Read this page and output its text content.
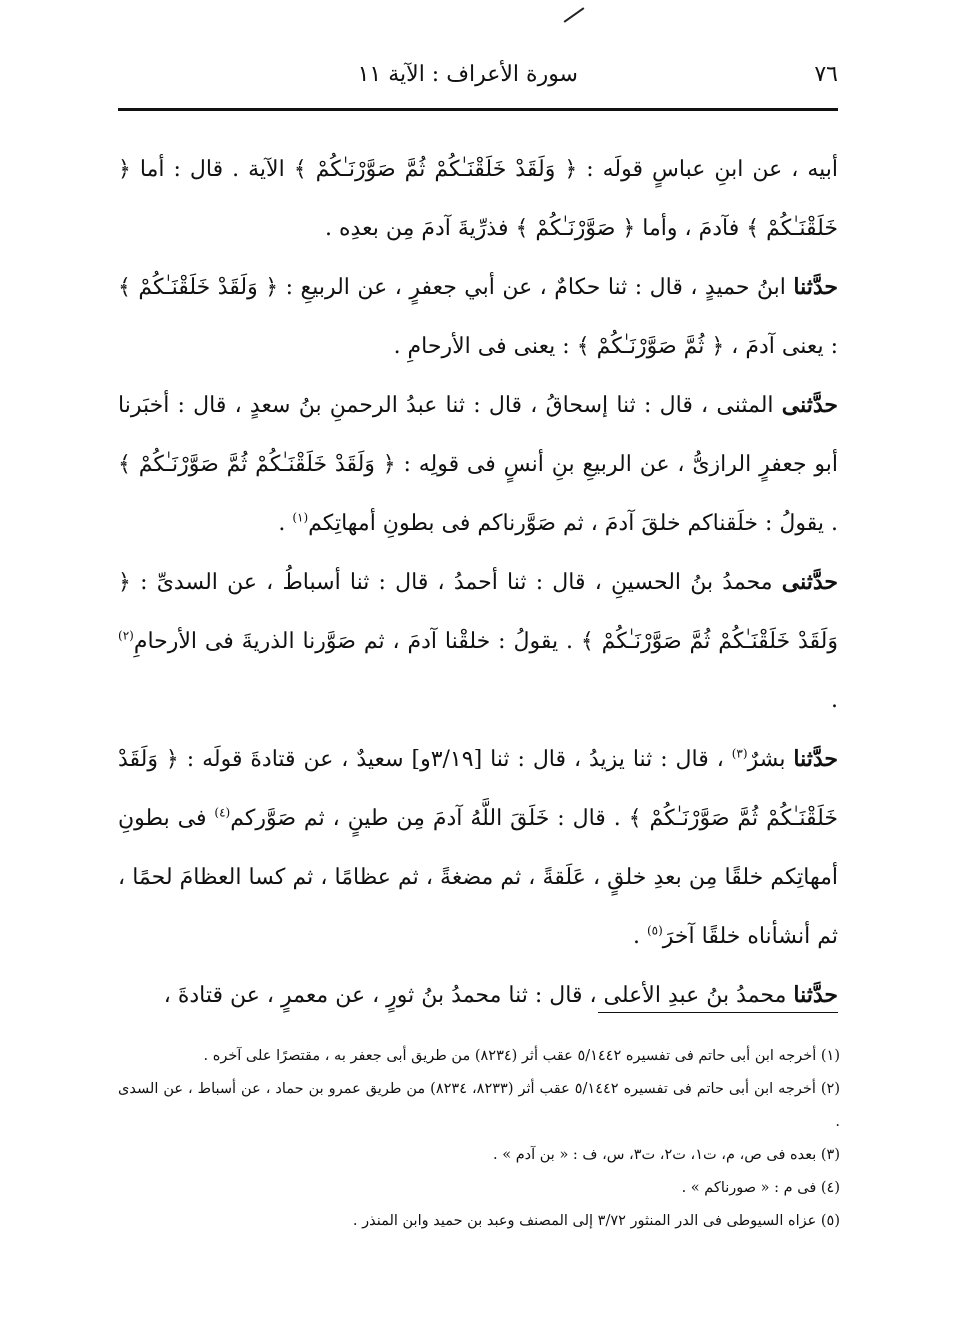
٧٦
سورة الأعراف : الآية ١١

أبيه ، عن ابنِ عباسٍ قولَه : ﴿ وَلَقَدْ خَلَقْنَـٰكُمْ ثُمَّ صَوَّرْنَـٰكُمْ ﴾ الآية . قال : أما ﴿ خَلَقْنَـٰكُمْ ﴾ فآدمَ ، وأما ﴿ صَوَّرْنَـٰكُمْ ﴾ فذرِّيةَ آدمَ مِن بعدِه .

حدَّثنا ابنُ حميدٍ ، قال : ثنا حكامٌ ، عن أبي جعفرٍ ، عن الربيعِ : ﴿ وَلَقَدْ خَلَقْنَـٰكُمْ ﴾ : يعنى آدمَ ، ﴿ ثُمَّ صَوَّرْنَـٰكُمْ ﴾ : يعنى فى الأرحامِ .

حدَّثنى المثنى ، قال : ثنا إسحاقُ ، قال : ثنا عبدُ الرحمنِ بنُ سعدٍ ، قال : أخبَرنا أبو جعفرٍ الرازىُّ ، عن الربيعِ بنِ أنسٍ فى قولِه : ﴿ وَلَقَدْ خَلَقْنَـٰكُمْ ثُمَّ صَوَّرْنَـٰكُمْ ﴾ . يقولُ : خلَقناكم خلقَ آدمَ ، ثم صَوَّرناكم فى بطونِ أمهاتِكم$^{(١)}$ .

حدَّثنى محمدُ بنُ الحسينِ ، قال : ثنا أحمدُ ، قال : ثنا أسباطُ ، عن السدىِّ : ﴿ وَلَقَدْ خَلَقْنَـٰكُمْ ثُمَّ صَوَّرْنَـٰكُمْ ﴾ . يقولُ : خلقْنا آدمَ ، ثم صَوَّرنا الذريةَ فى الأرحامِ$^{(٢)}$ .

حدَّثنا بشرٌ$^{(٣)}$ ، قال : ثنا يزيدُ ، قال : ثنا [٣/١٩و] سعيدٌ ، عن قتادةَ قولَه : ﴿ وَلَقَدْ خَلَقْنَـٰكُمْ ثُمَّ صَوَّرْنَـٰكُمْ ﴾ . قال : خَلَقَ اللَّهُ آدمَ مِن طينٍ ، ثم صَوَّركم$^{(٤)}$ فى بطونِ أمهاتِكم خلقًا مِن بعدِ خلقٍ ، عَلَقةً ، ثم مضغةً ، ثم عظامًا ، ثم كسا العظامَ لحمًا ، ثم أنشأناه خلقًا آخرَ$^{(٥)}$ .

حدَّثنا محمدُ بنُ عبدِ الأعلى ، قال : ثنا محمدُ بنُ ثورٍ ، عن معمرٍ ، عن قتادةَ ،

(١) أخرجه ابن أبى حاتم فى تفسيره ٥/١٤٤٢ عقب أثر (٨٢٣٤) من طريق أبى جعفر به ، مقتصرًا على آخره .

(٢) أخرجه ابن أبى حاتم فى تفسيره ٥/١٤٤٢ عقب أثر (٨٢٣٣، ٨٢٣٤) من طريق عمرو بن حماد ، عن أسباط ، عن السدى .

(٣) بعده فى ص، م، ت١، ت٢، ت٣، س، ف : « بن آدم » .

(٤) فى م : « صورناكم » .

(٥) عزاه السيوطى فى الدر المنثور ٣/٧٢ إلى المصنف وعبد بن حميد وابن المنذر .
